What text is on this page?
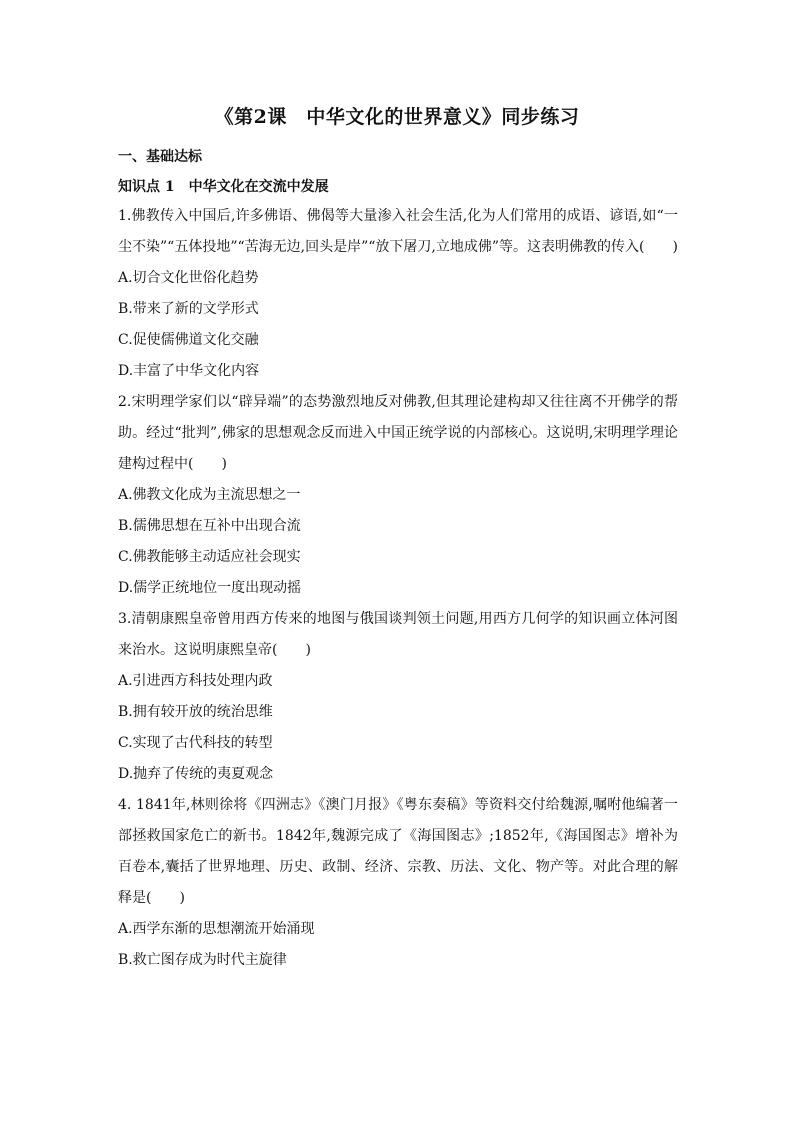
《第2课　中华文化的世界意义》同步练习
一、基础达标
知识点 1　中华文化在交流中发展

1.佛教传入中国后,许多佛语、佛偈等大量渗入社会生活,化为人们常用的成语、谚语,如“一尘不染”“五体投地”“苦海无边,回头是岸”“放下屠刀,立地成佛”等。这表明佛教的传入(　　)

A.切合文化世俗化趋势

B.带来了新的文学形式

C.促使儒佛道文化交融

D.丰富了中华文化内容

2.宋明理学家们以“辟异端”的态势激烈地反对佛教,但其理论建构却又往往离不开佛学的帮助。经过“批判”,佛家的思想观念反而进入中国正统学说的内部核心。这说明,宋明理学理论建构过程中(　　)

A.佛教文化成为主流思想之一

B.儒佛思想在互补中出现合流

C.佛教能够主动适应社会现实

D.儒学正统地位一度出现动摇

3.清朝康熙皇帝曾用西方传来的地图与俄国谈判领土问题,用西方几何学的知识画立体河图来治水。这说明康熙皇帝(　　)

A.引进西方科技处理内政

B.拥有较开放的统治思维

C.实现了古代科技的转型

D.抛弃了传统的夷夏观念

4. 1841年,林则徐将《四洲志》《澳门月报》《粤东奏稿》等资料交付给魏源,嘱咐他编著一部拯救国家危亡的新书。1842年,魏源完成了《海国图志》;1852年,《海国图志》增补为百卷本,囊括了世界地理、历史、政制、经济、宗教、历法、文化、物产等。对此合理的解释是(　　)

A.西学东渐的思想潮流开始涌现

B.救亡图存成为时代主旋律
